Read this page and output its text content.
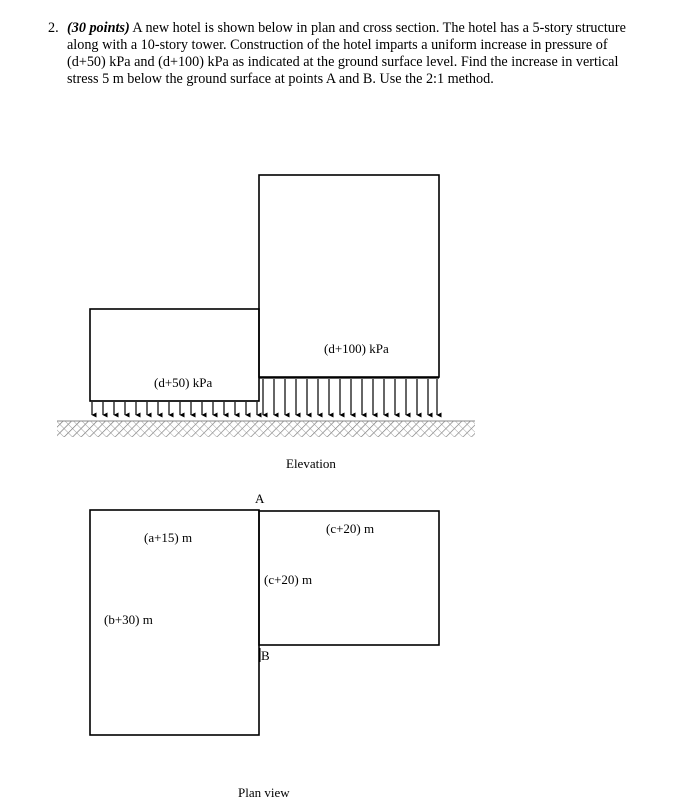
2. (30 points) A new hotel is shown below in plan and cross section. The hotel has a 5-story structure along with a 10-story tower. Construction of the hotel imparts a uniform increase in pressure of (d+50) kPa and (d+100) kPa as indicated at the ground surface level. Find the increase in vertical stress 5 m below the ground surface at points A and B. Use the 2:1 method.
(d+50) kPa
(d+100) kPa
Elevation
A
B
(a+15) m
(b+30) m
(c+20) m
(c+20) m
Plan view
